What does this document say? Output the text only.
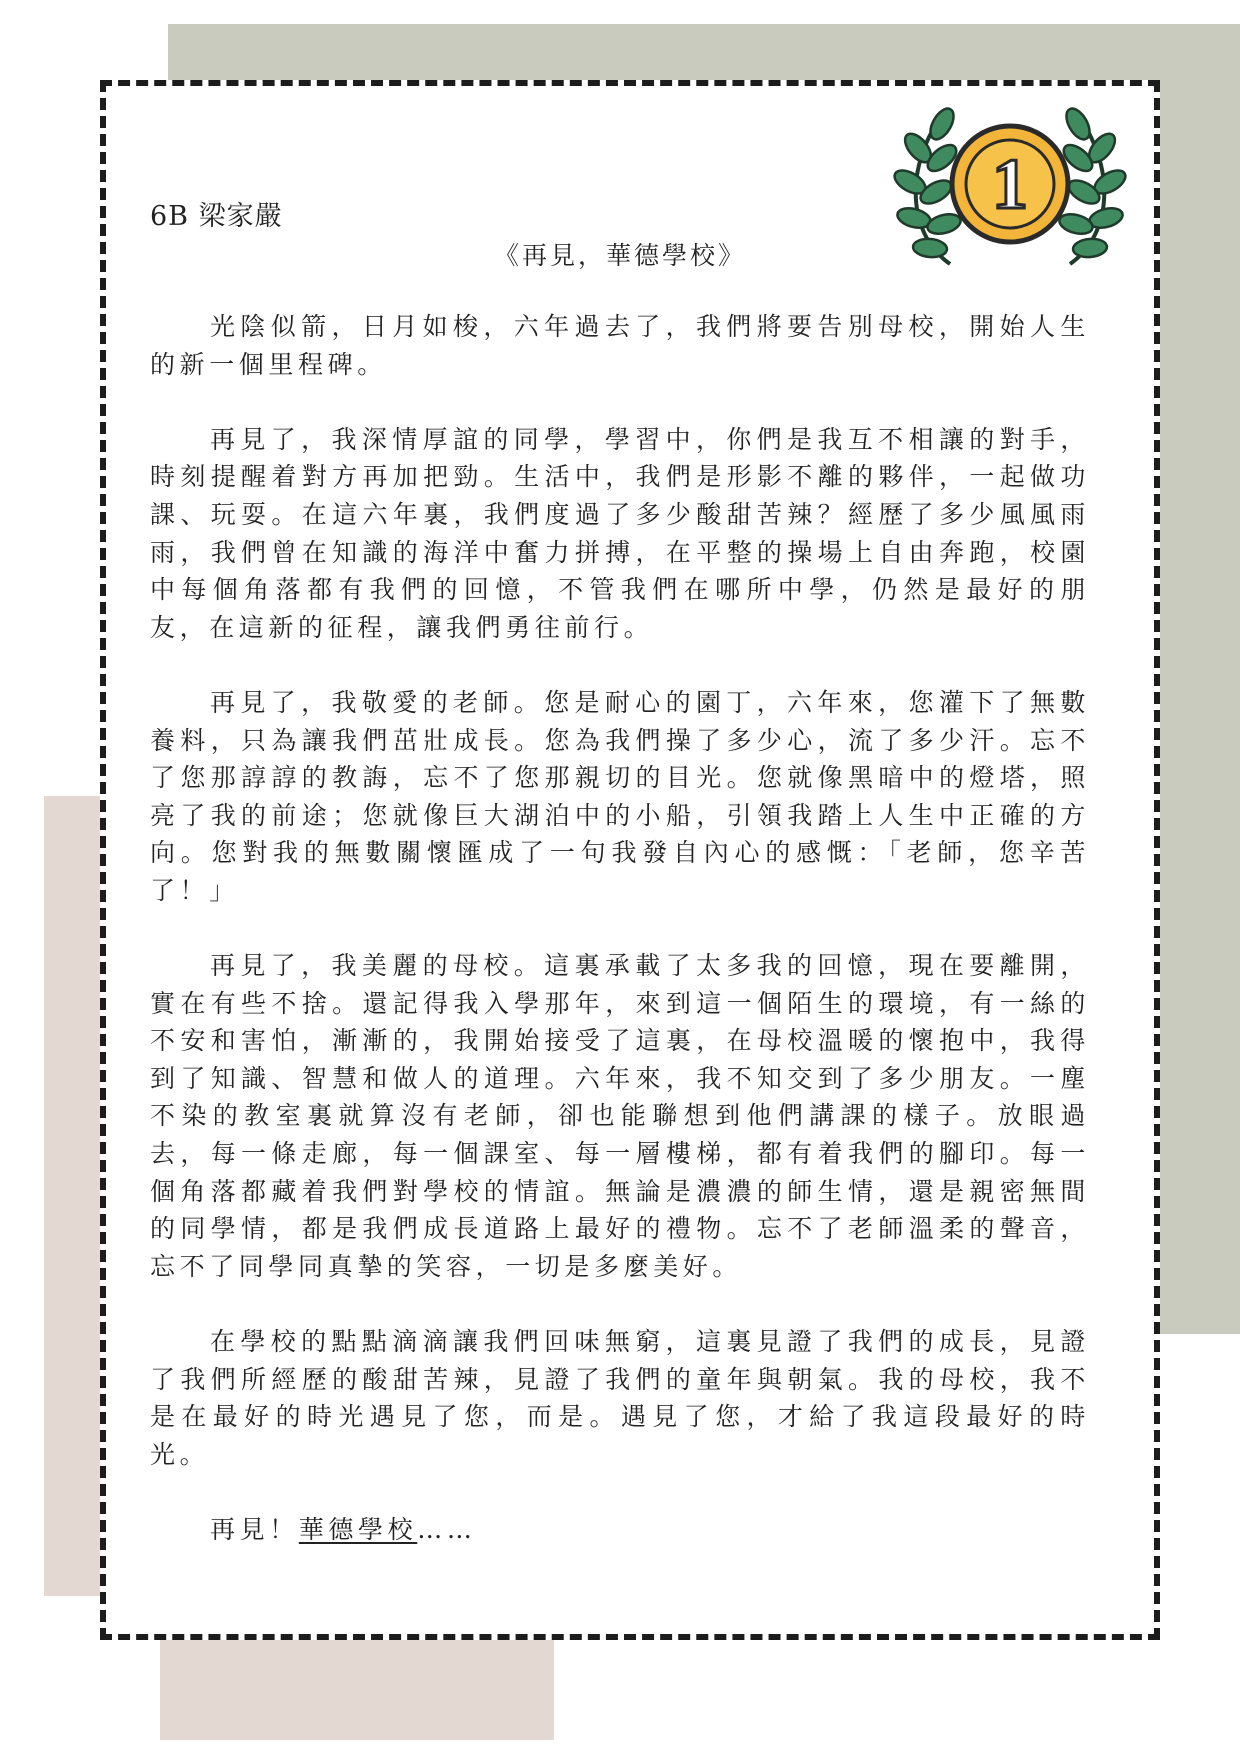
1
6B 梁家嚴
《再見，華德學校》

光陰似箭，日月如梭，六年過去了，我們將要告別母校，開始人生的新一個里程碑。

再見了，我深情厚誼的同學，學習中，你們是我互不相讓的對手，時刻提醒着對方再加把勁。生活中，我們是形影不離的夥伴，一起做功課、玩耍。在這六年裏，我們度過了多少酸甜苦辣？經歷了多少風風雨雨，我們曾在知識的海洋中奮力拼搏，在平整的操場上自由奔跑，校園中每個角落都有我們的回憶，不管我們在哪所中學，仍然是最好的朋友，在這新的征程，讓我們勇往前行。

再見了，我敬愛的老師。您是耐心的園丁，六年來，您灌下了無數養料，只為讓我們茁壯成長。您為我們操了多少心，流了多少汗。忘不了您那諄諄的教誨，忘不了您那親切的目光。您就像黑暗中的燈塔，照亮了我的前途；您就像巨大湖泊中的小船，引領我踏上人生中正確的方向。您對我的無數關懷匯成了一句我發自內心的感慨：「老師，您辛苦了！」

再見了，我美麗的母校。這裏承載了太多我的回憶，現在要離開，實在有些不捨。還記得我入學那年，來到這一個陌生的環境，有一絲的不安和害怕，漸漸的，我開始接受了這裏，在母校溫暖的懷抱中，我得到了知識、智慧和做人的道理。六年來，我不知交到了多少朋友。一塵不染的教室裏就算沒有老師，卻也能聯想到他們講課的樣子。放眼過去，每一條走廊，每一個課室、每一層樓梯，都有着我們的腳印。每一個角落都藏着我們對學校的情誼。無論是濃濃的師生情，還是親密無間的同學情，都是我們成長道路上最好的禮物。忘不了老師溫柔的聲音，忘不了同學同真摯的笑容，一切是多麼美好。

在學校的點點滴滴讓我們回味無窮，這裏見證了我們的成長，見證了我們所經歷的酸甜苦辣，見證了我們的童年與朝氣。我的母校，我不是在最好的時光遇見了您，而是。遇見了您，才給了我這段最好的時光。

再見！華德學校……
